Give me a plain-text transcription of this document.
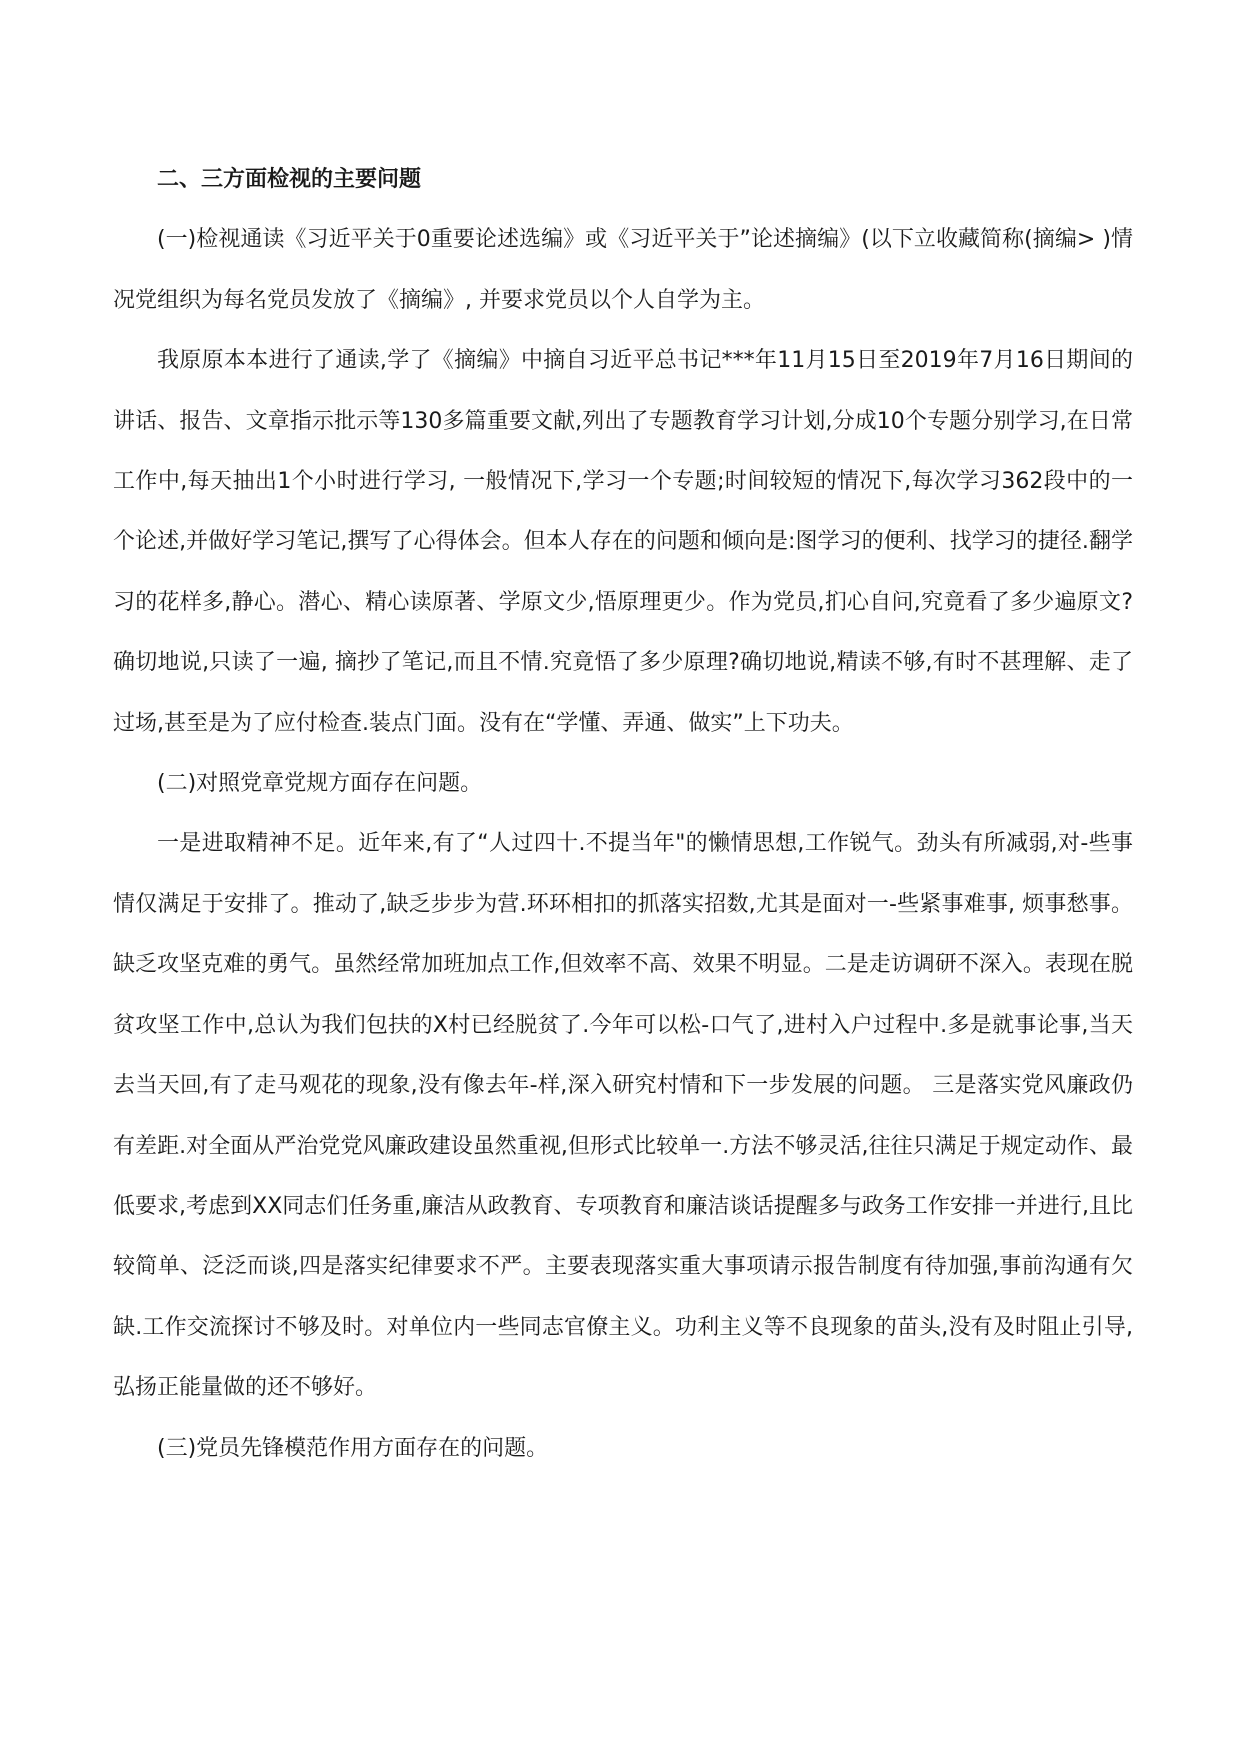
二、三方面检视的主要问题

(一)检视通读《习近平关于0重要论述选编》或《习近平关于”论述摘编》(以下立收藏简称(摘编> )情况党组织为每名党员发放了《摘编》, 并要求党员以个人自学为主。

我原原本本进行了通读,学了《摘编》中摘自习近平总书记***年11月15日至2019年7月16日期间的讲话、报告、文章指示批示等130多篇重要文献,列出了专题教育学习计划,分成10个专题分别学习,在日常工作中,每天抽出1个小时进行学习, 一般情况下,学习一个专题;时间较短的情况下,每次学习362段中的一个论述,并做好学习笔记,撰写了心得体会。但本人存在的问题和倾向是:图学习的便利、找学习的捷径.翻学习的花样多,静心。潜心、精心读原著、学原文少,悟原理更少。作为党员,扪心自问,究竟看了多少遍原文?确切地说,只读了一遍, 摘抄了笔记,而且不情.究竟悟了多少原理?确切地说,精读不够,有时不甚理解、走了过场,甚至是为了应付检查.装点门面。没有在“学懂、弄通、做实”上下功夫。

(二)对照党章党规方面存在问题。

一是进取精神不足。近年来,有了“人过四十.不提当年"的懒情思想,工作锐气。劲头有所减弱,对-些事情仅满足于安排了。推动了,缺乏步步为营.环环相扣的抓落实招数,尤其是面对一-些紧事难事, 烦事愁事。缺乏攻坚克难的勇气。虽然经常加班加点工作,但效率不高、效果不明显。二是走访调研不深入。表现在脱贫攻坚工作中,总认为我们包扶的X村已经脱贫了.今年可以松-口气了,进村入户过程中.多是就事论事,当天去当天回,有了走马观花的现象,没有像去年-样,深入研究村情和下一步发展的问题。 三是落实党风廉政仍有差距.对全面从严治党党风廉政建设虽然重视,但形式比较单一.方法不够灵活,往往只满足于规定动作、最低要求,考虑到XX同志们任务重,廉洁从政教育、专项教育和廉洁谈话提醒多与政务工作安排一并进行,且比较简单、泛泛而谈,四是落实纪律要求不严。主要表现落实重大事项请示报告制度有待加强,事前沟通有欠缺.工作交流探讨不够及时。对单位内一些同志官僚主义。功利主义等不良现象的苗头,没有及时阻止引导,弘扬正能量做的还不够好。

(三)党员先锋模范作用方面存在的问题。
